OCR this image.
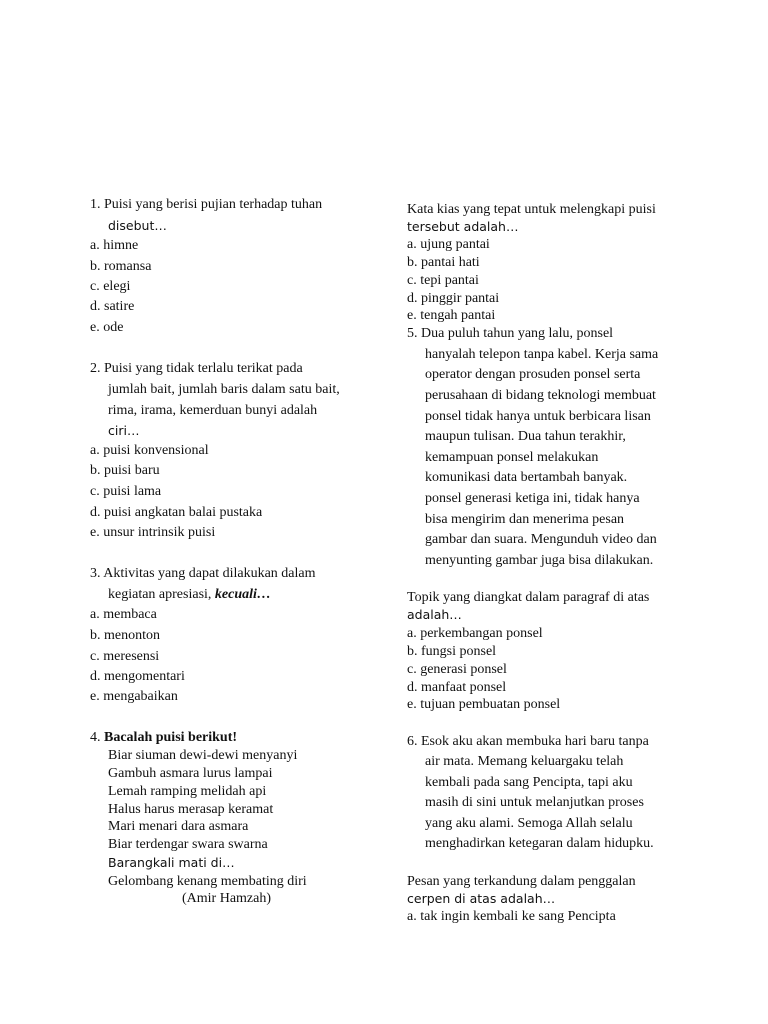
1. Puisi yang berisi pujian terhadap tuhan
disebut…
a. himne
b. romansa
c. elegi
d. satire
e. ode
2. Puisi yang tidak terlalu terikat pada
jumlah bait, jumlah baris dalam satu bait,
rima, irama, kemerduan bunyi adalah
ciri…
a. puisi konvensional
b. puisi baru
c. puisi lama
d. puisi angkatan balai pustaka
e. unsur intrinsik puisi
3. Aktivitas yang dapat dilakukan dalam
kegiatan apresiasi, kecuali…
a. membaca
b. menonton
c. meresensi
d. mengomentari
e. mengabaikan
4. Bacalah puisi berikut!
Biar siuman dewi-dewi menyanyi
Gambuh asmara lurus lampai
Lemah ramping melidah api
Halus harus merasap keramat
Mari menari dara asmara
Biar terdengar swara swarna
Barangkali mati di…
Gelombang kenang membating diri
(Amir Hamzah)
Kata kias yang tepat untuk melengkapi puisi
tersebut adalah…
a. ujung pantai
b. pantai hati
c. tepi pantai
d. pinggir pantai
e. tengah pantai
5. Dua puluh tahun yang lalu, ponsel
hanyalah telepon tanpa kabel. Kerja sama
operator dengan prosuden ponsel serta
perusahaan di bidang teknologi membuat
ponsel tidak hanya untuk berbicara lisan
maupun tulisan. Dua tahun terakhir,
kemampuan ponsel melakukan
komunikasi data bertambah banyak.
ponsel generasi ketiga ini, tidak hanya
bisa mengirim dan menerima pesan
gambar dan suara. Mengunduh video dan
menyunting gambar juga bisa dilakukan.
Topik yang diangkat dalam paragraf di atas
adalah…
a. perkembangan ponsel
b. fungsi ponsel
c. generasi ponsel
d. manfaat ponsel
e. tujuan pembuatan ponsel
6. Esok aku akan membuka hari baru tanpa
air mata. Memang keluargaku telah
kembali pada sang Pencipta, tapi aku
masih di sini untuk melanjutkan proses
yang aku alami. Semoga Allah selalu
menghadirkan ketegaran dalam hidupku.
Pesan yang terkandung dalam penggalan
cerpen di atas adalah…
a. tak ingin kembali ke sang Pencipta
